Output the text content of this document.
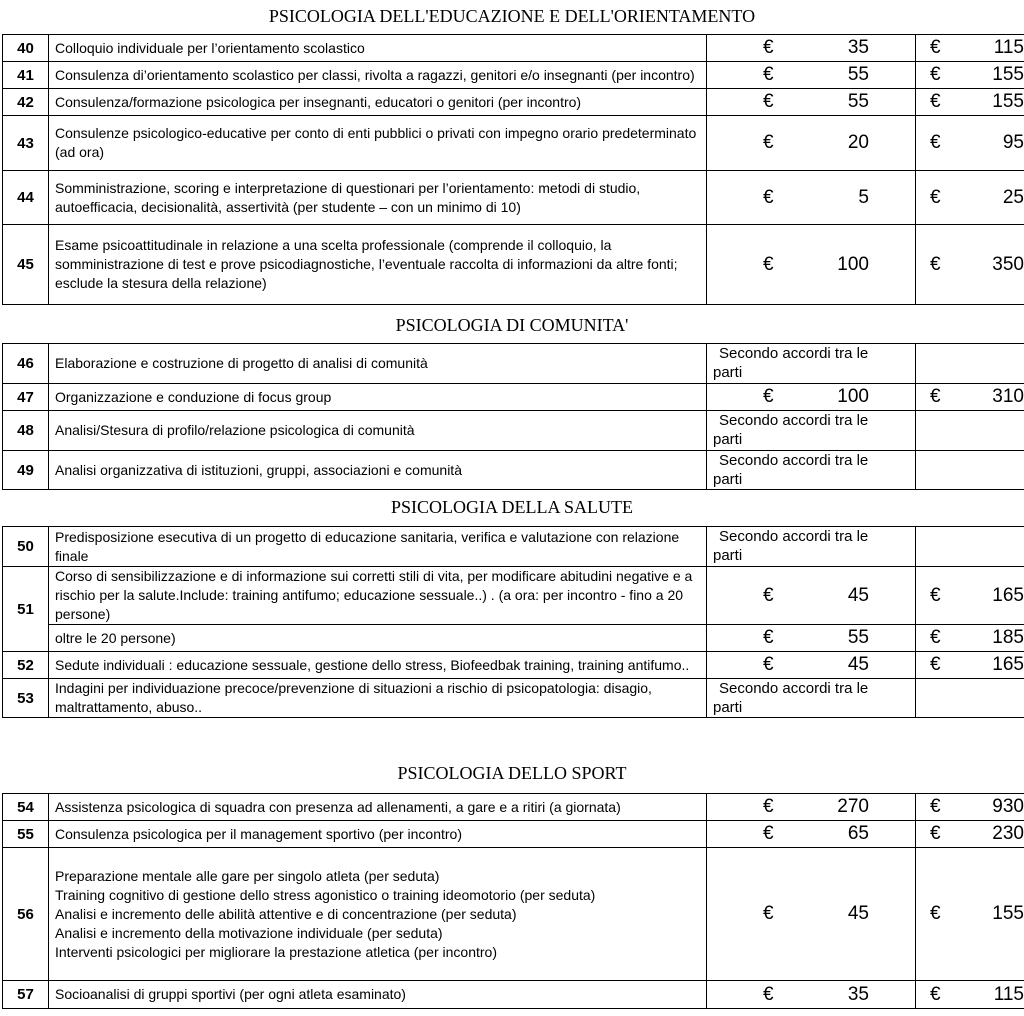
PSICOLOGIA DELL'EDUCAZIONE E DELL'ORIENTAMENTO
40	Colloquio individuale per l’orientamento scolastico	€ 35	€ 115

41	Consulenza di’orientamento scolastico per classi, rivolta a ragazzi, genitori e/o insegnanti (per incontro)	€ 55	€ 155

42	Consulenza/formazione psicologica per insegnanti, educatori o genitori (per incontro)	€ 55	€ 155

43	Consulenze psicologico-educative per conto di enti pubblici o privati con impegno orario predeterminato
(ad ora)	€ 20	€ 95

44	Somministrazione, scoring e interpretazione di questionari per l’orientamento: metodi di studio,
autoefficacia, decisionalità, assertività (per studente – con un minimo di 10)	€ 5	€ 25

45	Esame psicoattitudinale in relazione a una scelta professionale (comprende il colloquio, la
somministrazione di test e prove psicodiagnostiche, l’eventuale raccolta di informazioni da altre fonti;
esclude la stesura della relazione)	€ 100	€ 350
PSICOLOGIA DI COMUNITA'
46	Elaborazione e costruzione di progetto di analisi di comunità	Secondo accordi tra le
parti	

47	Organizzazione e conduzione di focus group	€ 100	€ 310

48	Analisi/Stesura di profilo/relazione psicologica di comunità	Secondo accordi tra le
parti	

49	Analisi organizzativa di istituzioni, gruppi, associazioni e comunità	Secondo accordi tra le
parti	

PSICOLOGIA DELLA SALUTE
50	Predisposizione esecutiva di un progetto di educazione sanitaria, verifica e valutazione con relazione
finale	Secondo accordi tra le
parti	

51	Corso di sensibilizzazione e di informazione sui corretti stili di vita, per modificare abitudini negative e a
rischio per la salute.Include: training antifumo; educazione sessuale..) . (a ora: per incontro - fino a 20
persone)	€ 45	€ 165

	oltre le 20 persone)	€ 55	€ 185

52	Sedute individuali : educazione sessuale, gestione dello stress, Biofeedbak training, training antifumo..	€ 45	€ 165

53	Indagini per individuazione precoce/prevenzione di situazioni a rischio di psicopatologia: disagio,
maltrattamento, abuso..	Secondo accordi tra le
parti	

PSICOLOGIA DELLO SPORT
54	Assistenza psicologica di squadra con presenza ad allenamenti, a gare e a ritiri (a giornata)	€ 270	€ 930

55	Consulenza psicologica per il management sportivo (per incontro)	€ 65	€ 230

56	Preparazione mentale alle gare per singolo atleta (per seduta)
Training cognitivo di gestione dello stress agonistico o training ideomotorio (per seduta)
Analisi e incremento delle abilità attentive e di concentrazione (per seduta)
Analisi e incremento della motivazione individuale (per seduta)
Interventi psicologici per migliorare la prestazione atletica (per incontro)	€ 45	€ 155

57	Socioanalisi di gruppi sportivi (per ogni atleta esaminato)	€ 35	€ 115
